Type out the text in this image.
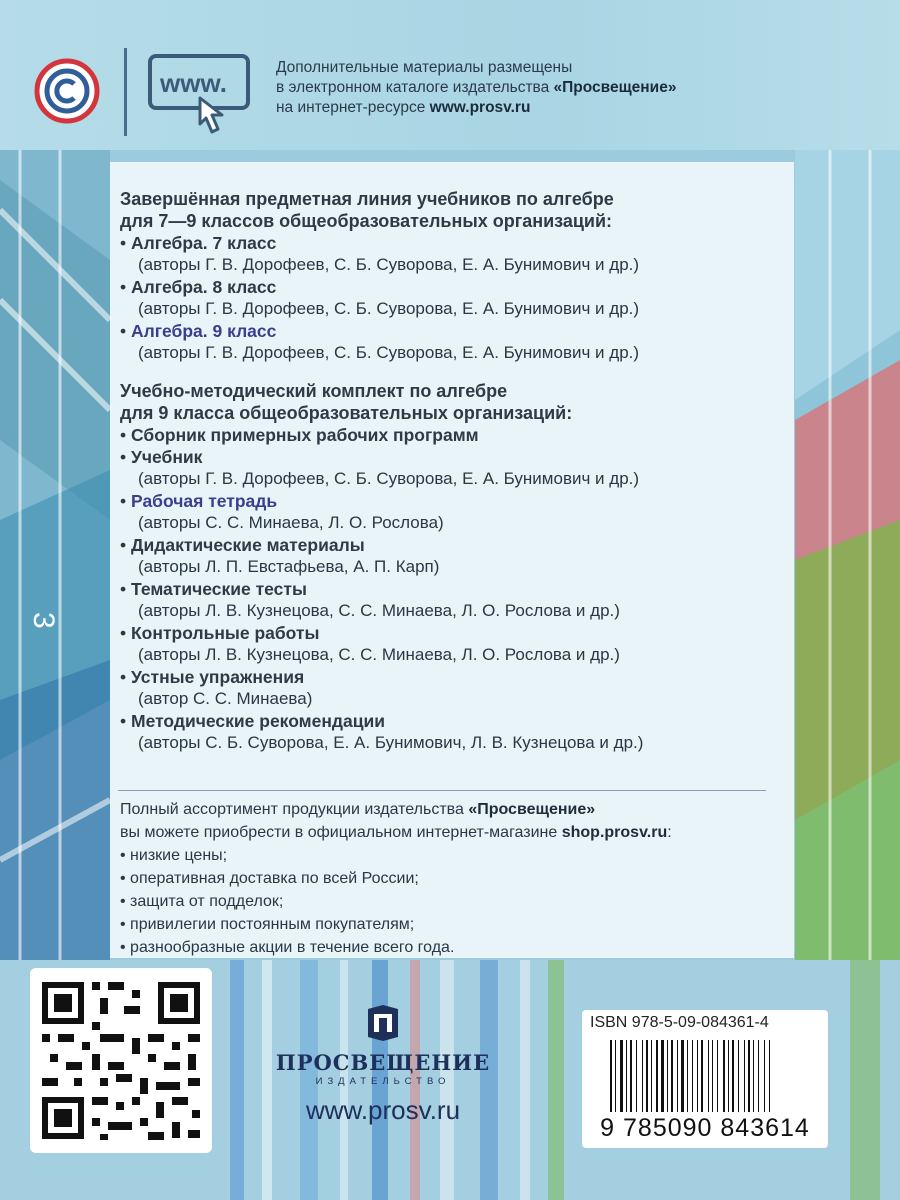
3
www.
Дополнительные материалы размещены
в электронном каталоге издательства «Просвещение»
на интернет-ресурсе www.prosv.ru
Завершённая предметная линия учебников по алгебре
для 7—9 классов общеобразовательных организаций:
• Алгебра. 7 класс
(авторы Г. В. Дорофеев, С. Б. Суворова, Е. А. Бунимович и др.)
• Алгебра. 8 класс
(авторы Г. В. Дорофеев, С. Б. Суворова, Е. А. Бунимович и др.)
• Алгебра. 9 класс
(авторы Г. В. Дорофеев, С. Б. Суворова, Е. А. Бунимович и др.)
Учебно-методический комплект по алгебре
для 9 класса общеобразовательных организаций:
• Сборник примерных рабочих программ
• Учебник
(авторы Г. В. Дорофеев, С. Б. Суворова, Е. А. Бунимович и др.)
• Рабочая тетрадь
(авторы С. С. Минаева, Л. О. Рослова)
• Дидактические материалы
(авторы Л. П. Евстафьева, А. П. Карп)
• Тематические тесты
(авторы Л. В. Кузнецова, С. С. Минаева, Л. О. Рослова и др.)
• Контрольные работы
(авторы Л. В. Кузнецова, С. С. Минаева, Л. О. Рослова и др.)
• Устные упражнения
(автор С. С. Минаева)
• Методические рекомендации
(авторы С. Б. Суворова, Е. А. Бунимович, Л. В. Кузнецова и др.)
Полный ассортимент продукции издательства «Просвещение»
вы можете приобрести в официальном интернет-магазине shop.prosv.ru:
• низкие цены;
• оперативная доставка по всей России;
• защита от подделок;
• привилегии постоянным покупателям;
• разнообразные акции в течение всего года.
ПРОСВЕЩЕНИЕ
ИЗДАТЕЛЬСТВО
www.prosv.ru
ISBN 978-5-09-084361-4
9 785090 843614
